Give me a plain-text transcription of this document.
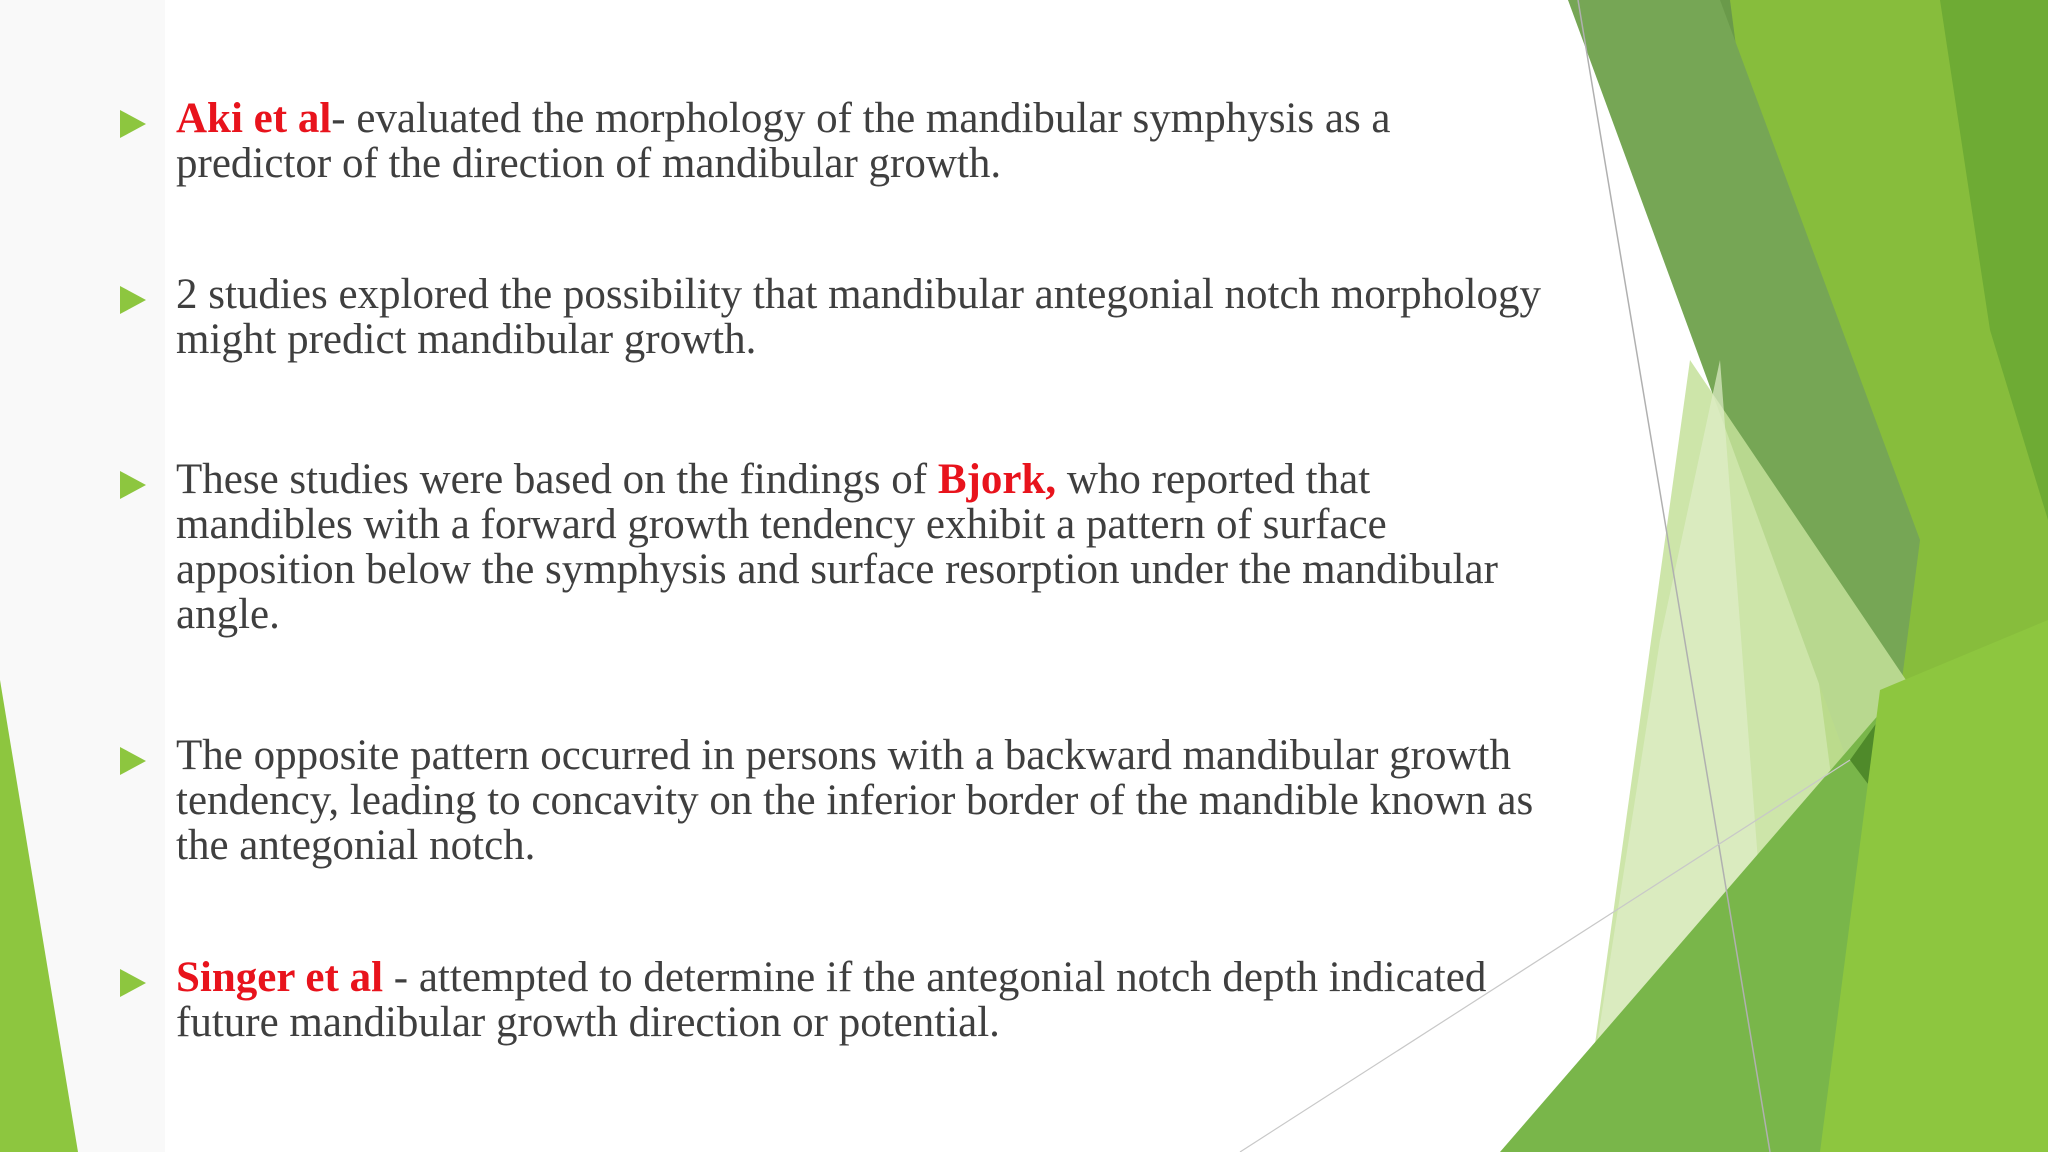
Aki et al- evaluated the morphology of the mandibular symphysis as a
predictor of the direction of mandibular growth.
2 studies explored the possibility that mandibular antegonial notch morphology
might predict mandibular growth.
These studies were based on the findings of Bjork, who reported that
mandibles with a forward growth tendency exhibit a pattern of surface
apposition below the symphysis and surface resorption under the mandibular
angle.
The opposite pattern occurred in persons with a backward mandibular growth
tendency, leading to concavity on the inferior border of the mandible known as
the antegonial notch.
Singer et al - attempted to determine if the antegonial notch depth indicated
future mandibular growth direction or potential.
